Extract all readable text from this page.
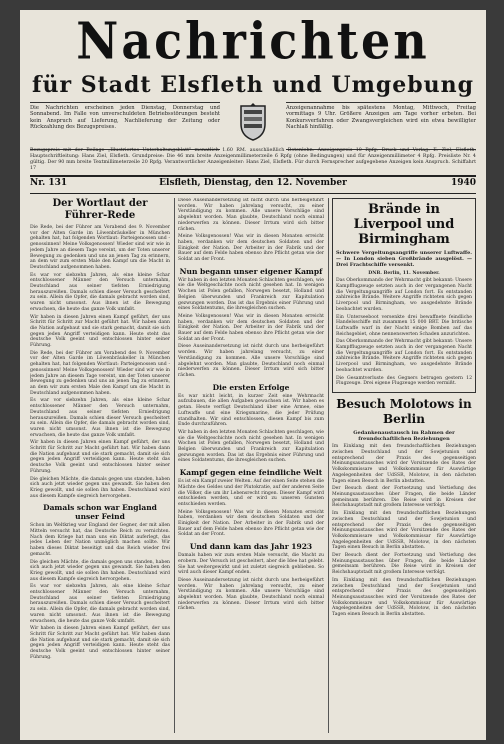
Nachrichten
für Stadt Elsfleth und Umgebung
Die Nachrichten erscheinen jeden Dienstag, Donnerstag und Sonnabend. Im Falle von unverschuldeten Betriebsstörungen besteht kein Anspruch auf Lieferung, Nachlieferung der Zeitung oder Rückzahlung des Bezugspreises.
Anzeigenannahme bis spätestens Montag, Mittwoch, Freitag vormittags 9 Uhr. Größere Anzeigen am Tage vorher erbeten. Bei Konkursverfahren oder Zwangsvergleichen wird ein etwa bewilligter Nachlaß hinfällig.
Bezugspreis mit der Beilage „Illustriertes Unterhaltungsblatt" monatlich 1.60 RM. ausschließlich Botenlohn. Anzeigenpreis 10 Rpfg. Druck und Verlag: E. Ziel, Elsfleth. Hauptschriftleitung: Hans Ziel, Elsfleth. Grundpreise: Die 46 mm breite Anzeigenmillimeterzeile 6 Rpfg (ohne Bedingungen) und für Anzeigenmillimeter 4 Rpfg. Preisliste Nr. 4 gültig. Der 90 mm breite Textmillimeterzeile 20 Rpfg. Verantwortlicher Anzeigenleiter: Hans Ziel, Elsfleth. Für durch Fernsprecher aufgegebene Anzeigen kein Anspruch. Schiffahrt 17
Nr. 131	Elsfleth, Dienstag, den 12. November	1940
Der Wortlaut der Führer-Rede

Die Rede, bei der Führer am Vorabend des 9. November vor der Alten Garde im Löwenbräukeller in München gehalten hat, hat folgenden Wortlaut: Parteigenossen und -genossinnen! Meine Volksgenossen! Wieder sind wir wie in jedem Jahre an diesem Tage vereint, um der Toten unserer Bewegung zu gedenken und uns an jenen Tag zu erinnern, an dem wir zum ersten Male den Kampf um die Macht in Deutschland aufgenommen haben.

Es war vor siebzehn Jahren, als eine kleine Schar entschlossener Männer den Versuch unternahm, Deutschland aus seiner tiefsten Erniedrigung herauszureißen. Damals schien dieser Versuch gescheitert zu sein. Allein die Opfer, die damals gebracht worden sind, waren nicht umsonst. Aus ihnen ist die Bewegung erwachsen, die heute das ganze Volk umfaßt.

Wir haben in diesen Jahren einen Kampf geführt, der uns Schritt für Schritt zur Macht geführt hat. Wir haben dann die Nation aufgebaut und sie stark gemacht, damit sie sich gegen jeden Angriff verteidigen kann. Heute steht das deutsche Volk geeint und entschlossen hinter seiner Führung.

Die Rede, bei der Führer am Vorabend des 9. November vor der Alten Garde im Löwenbräukeller in München gehalten hat, hat folgenden Wortlaut: Parteigenossen und -genossinnen! Meine Volksgenossen! Wieder sind wir wie in jedem Jahre an diesem Tage vereint, um der Toten unserer Bewegung zu gedenken und uns an jenen Tag zu erinnern, an dem wir zum ersten Male den Kampf um die Macht in Deutschland aufgenommen haben.

Es war vor siebzehn Jahren, als eine kleine Schar entschlossener Männer den Versuch unternahm, Deutschland aus seiner tiefsten Erniedrigung herauszureißen. Damals schien dieser Versuch gescheitert zu sein. Allein die Opfer, die damals gebracht worden sind, waren nicht umsonst. Aus ihnen ist die Bewegung erwachsen, die heute das ganze Volk umfaßt.

Wir haben in diesen Jahren einen Kampf geführt, der uns Schritt für Schritt zur Macht geführt hat. Wir haben dann die Nation aufgebaut und sie stark gemacht, damit sie sich gegen jeden Angriff verteidigen kann. Heute steht das deutsche Volk geeint und entschlossen hinter seiner Führung.

Die gleichen Mächte, die damals gegen uns standen, haben sich auch jetzt wieder gegen uns gewandt. Sie haben den Krieg gewollt, und sie sollen ihn haben. Deutschland wird aus diesem Kampfe siegreich hervorgehen.

Damals schon war England unser Feind

Schon im Weltkrieg war England der Gegner, der mit allen Mitteln versucht hat, das Deutsche Reich zu vernichten. Nach dem Kriege hat man uns ein Diktat auferlegt, das jedes Leben der Nation unmöglich machen sollte. Wir haben dieses Diktat beseitigt und das Reich wieder frei gemacht.

Die gleichen Mächte, die damals gegen uns standen, haben sich auch jetzt wieder gegen uns gewandt. Sie haben den Krieg gewollt, und sie sollen ihn haben. Deutschland wird aus diesem Kampfe siegreich hervorgehen.

Es war vor siebzehn Jahren, als eine kleine Schar entschlossener Männer den Versuch unternahm, Deutschland aus seiner tiefsten Erniedrigung herauszureißen. Damals schien dieser Versuch gescheitert zu sein. Allein die Opfer, die damals gebracht worden sind, waren nicht umsonst. Aus ihnen ist die Bewegung erwachsen, die heute das ganze Volk umfaßt.

Wir haben in diesen Jahren einen Kampf geführt, der uns Schritt für Schritt zur Macht geführt hat. Wir haben dann die Nation aufgebaut und sie stark gemacht, damit sie sich gegen jeden Angriff verteidigen kann. Heute steht das deutsche Volk geeint und entschlossen hinter seiner Führung.

Diese Auseinandersetzung ist nicht durch uns herbeigeführt worden. Wir haben jahrelang versucht, zu einer Verständigung zu kommen. Alle unsere Vorschläge sind abgelehnt worden. Man glaubte, Deutschland noch einmal niederwerfen zu können. Dieser Irrtum wird sich bitter rächen.

Meine Volksgenossen! Was wir in diesen Monaten erreicht haben, verdanken wir dem deutschen Soldaten und der Einigkeit der Nation. Der Arbeiter in der Fabrik und der Bauer auf dem Felde haben ebenso ihre Pflicht getan wie der Soldat an der Front.

Nun begann unser eigener Kampf

Wir haben in den letzten Monaten Schlachten geschlagen, wie sie die Weltgeschichte noch nicht gesehen hat. In wenigen Wochen ist Polen gefallen, Norwegen besetzt, Holland und Belgien überwunden und Frankreich zur Kapitulation gezwungen worden. Das ist das Ergebnis einer Führung und eines Soldatentums, die ihresgleichen suchen.

Meine Volksgenossen! Was wir in diesen Monaten erreicht haben, verdanken wir dem deutschen Soldaten und der Einigkeit der Nation. Der Arbeiter in der Fabrik und der Bauer auf dem Felde haben ebenso ihre Pflicht getan wie der Soldat an der Front.

Diese Auseinandersetzung ist nicht durch uns herbeigeführt worden. Wir haben jahrelang versucht, zu einer Verständigung zu kommen. Alle unsere Vorschläge sind abgelehnt worden. Man glaubte, Deutschland noch einmal niederwerfen zu können. Dieser Irrtum wird sich bitter rächen.

Die ersten Erfolge

Es war nicht leicht, in kurzer Zeit eine Wehrmacht aufzubauen, die allen Aufgaben gewachsen ist. Wir haben es getan. Heute verfügt Deutschland über eine Armee, eine Luftwaffe und eine Kriegsmarine, die jeder Prüfung standhalten. Wir sind entschlossen, diesen Kampf bis zum Ende durchzuführen.

Wir haben in den letzten Monaten Schlachten geschlagen, wie sie die Weltgeschichte noch nicht gesehen hat. In wenigen Wochen ist Polen gefallen, Norwegen besetzt, Holland und Belgien überwunden und Frankreich zur Kapitulation gezwungen worden. Das ist das Ergebnis einer Führung und eines Soldatentums, die ihresgleichen suchen.

Kampf gegen eine feindliche Welt

Es ist ein Kampf zweier Welten. Auf der einen Seite stehen die Mächte des Geldes und der Plutokratie, auf der anderen Seite die Völker, die um ihr Lebensrecht ringen. Dieser Kampf wird entschieden werden, und er wird zu unseren Gunsten entschieden werden.

Meine Volksgenossen! Was wir in diesen Monaten erreicht haben, verdanken wir dem deutschen Soldaten und der Einigkeit der Nation. Der Arbeiter in der Fabrik und der Bauer auf dem Felde haben ebenso ihre Pflicht getan wie der Soldat an der Front.

Und dann kam das Jahr 1923

Damals haben wir zum ersten Male versucht, die Macht zu erobern. Der Versuch ist gescheitert, aber die Idee hat gelebt. Sie hat weitergewirkt und ist zuletzt siegreich geblieben. So wird auch dieser Kampf enden.

Diese Auseinandersetzung ist nicht durch uns herbeigeführt worden. Wir haben jahrelang versucht, zu einer Verständigung zu kommen. Alle unsere Vorschläge sind abgelehnt worden. Man glaubte, Deutschland noch einmal niederwerfen zu können. Dieser Irrtum wird sich bitter rächen.

Brände in Liverpool und Birmingham

Schwere Vergeltungsangriffe unserer Luftwaffe. — In London sieben Großbrände ausgelöst. — Drei Frachtschiffe versenkt.

DNB. Berlin, 11. November.

Das Oberkommando der Wehrmacht gibt bekannt: Unsere Kampfflugzeuge setzten auch in der vergangenen Nacht die Vergeltungsangriffe auf London fort. Es entstanden zahlreiche Brände. Weitere Angriffe richteten sich gegen Liverpool und Birmingham, wo ausgedehnte Brände beobachtet wurden.

Ein Unterseeboot versenkte drei bewaffnete feindliche Handelsschiffe mit zusammen 15 000 BRT. Die britische Luftwaffe warf in der Nacht einige Bomben auf das Reichsgebiet, ohne nennenswerten Schaden anzurichten.

Das Oberkommando der Wehrmacht gibt bekannt: Unsere Kampfflugzeuge setzten auch in der vergangenen Nacht die Vergeltungsangriffe auf London fort. Es entstanden zahlreiche Brände. Weitere Angriffe richteten sich gegen Liverpool und Birmingham, wo ausgedehnte Brände beobachtet wurden.

Die Gesamtverluste des Gegners betrugen gestern 12 Flugzeuge. Drei eigene Flugzeuge werden vermißt.

Besuch Molotows in Berlin

Gedankenaustausch im Rahmen der freundschaftlichen Beziehungen

Im Einklang mit den freundschaftlichen Beziehungen zwischen Deutschland und der Sowjetunion und entsprechend der Praxis des gegenseitigen Meinungsaustausches wird der Vorsitzende des Rates der Volkskommissare und Volkskommissar für Auswärtige Angelegenheiten der UdSSR, Molotow, in den nächsten Tagen einen Besuch in Berlin abstatten.

Der Besuch dient der Fortsetzung und Vertiefung des Meinungsaustausches über Fragen, die beide Länder gemeinsam berühren. Die Reise wird in Kreisen der Reichshauptstadt mit großem Interesse verfolgt.

Im Einklang mit den freundschaftlichen Beziehungen zwischen Deutschland und der Sowjetunion und entsprechend der Praxis des gegenseitigen Meinungsaustausches wird der Vorsitzende des Rates der Volkskommissare und Volkskommissar für Auswärtige Angelegenheiten der UdSSR, Molotow, in den nächsten Tagen einen Besuch in Berlin abstatten.

Der Besuch dient der Fortsetzung und Vertiefung des Meinungsaustausches über Fragen, die beide Länder gemeinsam berühren. Die Reise wird in Kreisen der Reichshauptstadt mit großem Interesse verfolgt.

Im Einklang mit den freundschaftlichen Beziehungen zwischen Deutschland und der Sowjetunion und entsprechend der Praxis des gegenseitigen Meinungsaustausches wird der Vorsitzende des Rates der Volkskommissare und Volkskommissar für Auswärtige Angelegenheiten der UdSSR, Molotow, in den nächsten Tagen einen Besuch in Berlin abstatten.
